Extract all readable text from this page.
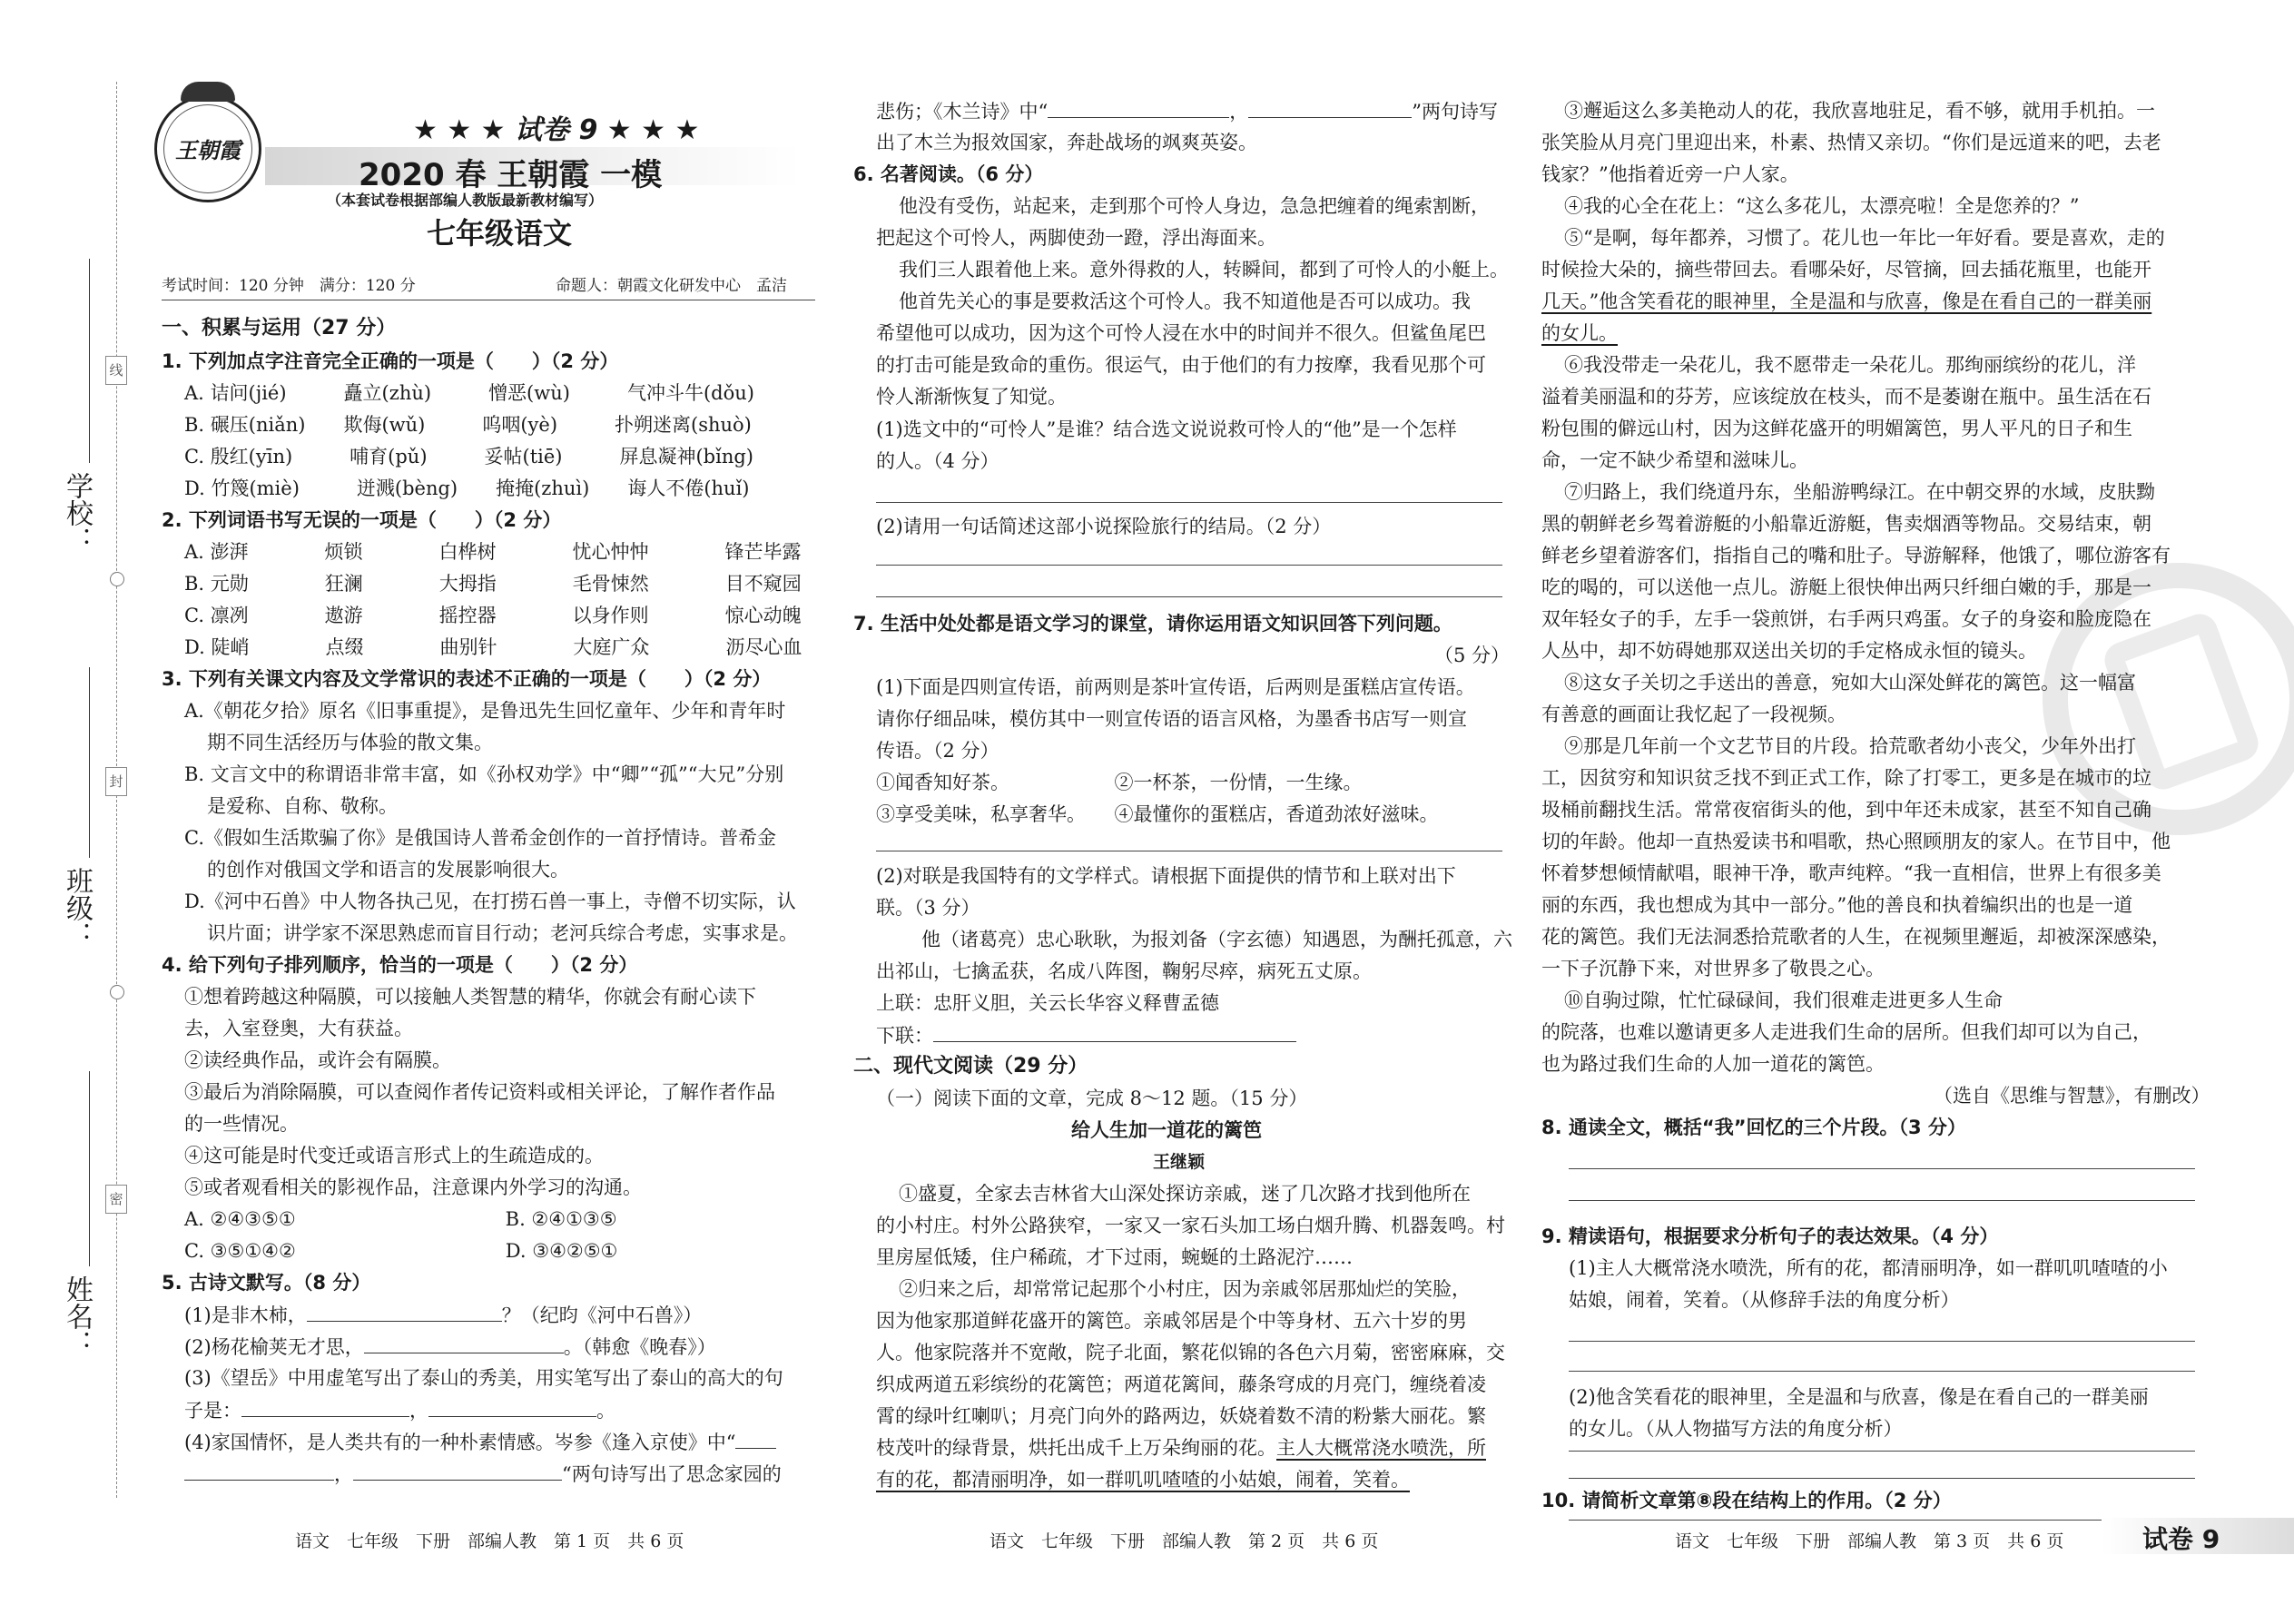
学校：
班级：
姓名：
线
封
密
王朝霞
★ ★ ★ 试卷 9 ★ ★ ★
2020 春 王朝霞 一模
（本套试卷根据部编人教版最新教材编写）
七年级语文
考试时间：120 分钟　满分：120 分	命题人：朝霞文化研发中心　孟洁
一、积累与运用（27 分）
1. 下列加点字注音完全正确的一项是（　　）（2 分）
A. 诘问(jié)　　　矗立(zhù)　　　憎恶(wù)　　　气冲斗牛(dǒu)
B. 碾压(niǎn)　　欺侮(wǔ)　　　呜咽(yè)　　　扑朔迷离(shuò)
C. 殷红(yīn)　　　哺育(pǔ)　　　妥帖(tiē)　　　屏息凝神(bǐng)
D. 竹篾(miè)　　　迸溅(bèng)　　掩掩(zhuì)　　诲人不倦(huǐ)
2. 下列词语书写无误的一项是（　　）（2 分）
A. 澎湃　　　　烦锁　　　　白桦树　　　　忧心忡忡　　　　锋芒毕露
B. 元勋　　　　狂澜　　　　大拇指　　　　毛骨悚然　　　　目不窥园
C. 凛冽　　　　遨游　　　　摇控器　　　　以身作则　　　　惊心动魄
D. 陡峭　　　　点缀　　　　曲别针　　　　大庭广众　　　　沥尽心血
3. 下列有关课文内容及文学常识的表述不正确的一项是（　　）（2 分）
A.《朝花夕拾》原名《旧事重提》，是鲁迅先生回忆童年、少年和青年时
期不同生活经历与体验的散文集。
B. 文言文中的称谓语非常丰富，如《孙权劝学》中“卿”“孤”“大兄”分别
是爱称、自称、敬称。
C.《假如生活欺骗了你》是俄国诗人普希金创作的一首抒情诗。普希金
的创作对俄国文学和语言的发展影响很大。
D.《河中石兽》中人物各执己见，在打捞石兽一事上，寺僧不切实际，认
识片面；讲学家不深思熟虑而盲目行动；老河兵综合考虑，实事求是。
4. 给下列句子排列顺序，恰当的一项是（　　）（2 分）
①想着跨越这种隔膜，可以接触人类智慧的精华，你就会有耐心读下
去，入室登奥，大有获益。
②读经典作品，或许会有隔膜。
③最后为消除隔膜，可以查阅作者传记资料或相关评论，了解作者作品
的一些情况。
④这可能是时代变迁或语言形式上的生疏造成的。
⑤或者观看相关的影视作品，注意课内外学习的沟通。
A. ②④③⑤①　　　　　　　　　　　B. ②④①③⑤
C. ③⑤①④②　　　　　　　　　　　D. ③④②⑤①
5. 古诗文默写。（8 分）
(1)是非木柿，	？（纪昀《河中石兽》）
(2)杨花榆荚无才思，	。（韩愈《晚春》）
(3)《望岳》中用虚笔写出了泰山的秀美，用实笔写出了泰山的高大的句
子是：	，	。
(4)家国情怀，是人类共有的一种朴素情感。岑参《逢入京使》中“
，	“两句诗写出了思念家园的
悲伤；《木兰诗》中“	，	”两句诗写
出了木兰为报效国家，奔赴战场的飒爽英姿。
6. 名著阅读。（6 分）
他没有受伤，站起来，走到那个可怜人身边，急急把缠着的绳索割断，
把起这个可怜人，两脚使劲一蹬，浮出海面来。
我们三人跟着他上来。意外得救的人，转瞬间，都到了可怜人的小艇上。
他首先关心的事是要救活这个可怜人。我不知道他是否可以成功。我
希望他可以成功，因为这个可怜人浸在水中的时间并不很久。但鲨鱼尾巴
的打击可能是致命的重伤。很运气，由于他们的有力按摩，我看见那个可
怜人渐渐恢复了知觉。
(1)选文中的“可怜人”是谁？结合选文说说救可怜人的“他”是一个怎样
的人。（4 分）
(2)请用一句话简述这部小说探险旅行的结局。（2 分）
7. 生活中处处都是语文学习的课堂，请你运用语文知识回答下列问题。
（5 分）
(1)下面是四则宣传语，前两则是茶叶宣传语，后两则是蛋糕店宣传语。
请你仔细品味，模仿其中一则宣传语的语言风格，为墨香书店写一则宣
传语。（2 分）
①闻香知好茶。　　　　　　②一杯茶，一份情，一生缘。
③享受美味，私享奢华。　　④最懂你的蛋糕店，香道劲浓好滋味。
(2)对联是我国特有的文学样式。请根据下面提供的情节和上联对出下
联。（3 分）
他（诸葛亮）忠心耿耿，为报刘备（字玄德）知遇恩，为酬托孤意，六
出祁山，七擒孟获，名成八阵图，鞠躬尽瘁，病死五丈原。
上联：忠肝义胆，关云长华容义释曹孟德
下联：
二、现代文阅读（29 分）
（一）阅读下面的文章，完成 8～12 题。（15 分）
给人生加一道花的篱笆
王继颖
①盛夏，全家去吉林省大山深处探访亲戚，迷了几次路才找到他所在
的小村庄。村外公路狭窄，一家又一家石头加工场白烟升腾、机器轰鸣。村
里房屋低矮，住户稀疏，才下过雨，蜿蜒的土路泥泞……
②归来之后，却常常记起那个小村庄，因为亲戚邻居那灿烂的笑脸，
因为他家那道鲜花盛开的篱笆。亲戚邻居是个中等身材、五六十岁的男
人。他家院落并不宽敞，院子北面，繁花似锦的各色六月菊，密密麻麻，交
织成两道五彩缤纷的花篱笆；两道花篱间，藤条穹成的月亮门，缠绕着凌
霄的绿叶红喇叭；月亮门向外的路两边，妖娆着数不清的粉紫大丽花。繁
枝茂叶的绿背景，烘托出成千上万朵绚丽的花。主人大概常浇水喷洗，所
有的花，都清丽明净，如一群叽叽喳喳的小姑娘，闹着，笑着。
③邂逅这么多美艳动人的花，我欣喜地驻足，看不够，就用手机拍。一
张笑脸从月亮门里迎出来，朴素、热情又亲切。“你们是远道来的吧，去老
钱家？”他指着近旁一户人家。
④我的心全在花上：“这么多花儿，太漂亮啦！全是您养的？”
⑤“是啊，每年都养，习惯了。花儿也一年比一年好看。要是喜欢，走的
时候捡大朵的，摘些带回去。看哪朵好，尽管摘，回去插花瓶里，也能开
几天。”他含笑看花的眼神里，全是温和与欣喜，像是在看自己的一群美丽
的女儿。
⑥我没带走一朵花儿，我不愿带走一朵花儿。那绚丽缤纷的花儿，洋
溢着美丽温和的芬芳，应该绽放在枝头，而不是萎谢在瓶中。虽生活在石
粉包围的僻远山村，因为这鲜花盛开的明媚篱笆，男人平凡的日子和生
命，一定不缺少希望和滋味儿。
⑦归路上，我们绕道丹东，坐船游鸭绿江。在中朝交界的水域，皮肤黝
黑的朝鲜老乡驾着游艇的小船靠近游艇，售卖烟酒等物品。交易结束，朝
鲜老乡望着游客们，指指自己的嘴和肚子。导游解释，他饿了，哪位游客有
吃的喝的，可以送他一点儿。游艇上很快伸出两只纤细白嫩的手，那是一
双年轻女子的手，左手一袋煎饼，右手两只鸡蛋。女子的身姿和脸庞隐在
人丛中，却不妨碍她那双送出关切的手定格成永恒的镜头。
⑧这女子关切之手送出的善意，宛如大山深处鲜花的篱笆。这一幅富
有善意的画面让我忆起了一段视频。
⑨那是几年前一个文艺节目的片段。拾荒歌者幼小丧父，少年外出打
工，因贫穷和知识贫乏找不到正式工作，除了打零工，更多是在城市的垃
圾桶前翻找生活。常常夜宿街头的他，到中年还未成家，甚至不知自己确
切的年龄。他却一直热爱读书和唱歌，热心照顾朋友的家人。在节目中，他
怀着梦想倾情献唱，眼神干净，歌声纯粹。“我一直相信，世界上有很多美
丽的东西，我也想成为其中一部分。”他的善良和执着编织出的也是一道
花的篱笆。我们无法洞悉拾荒歌者的人生，在视频里邂逅，却被深深感染，
一下子沉静下来，对世界多了敬畏之心。
⑩自驹过隙，忙忙碌碌间，我们很难走进更多人生命
的院落，也难以邀请更多人走进我们生命的居所。但我们却可以为自己，
也为路过我们生命的人加一道花的篱笆。
（选自《思维与智慧》，有删改）
8. 通读全文，概括“我”回忆的三个片段。（3 分）
9. 精读语句，根据要求分析句子的表达效果。（4 分）
(1)主人大概常浇水喷洗，所有的花，都清丽明净，如一群叽叽喳喳的小
姑娘，闹着，笑着。（从修辞手法的角度分析）
(2)他含笑看花的眼神里，全是温和与欣喜，像是在看自己的一群美丽
的女儿。（从人物描写方法的角度分析）
10. 请简析文章第⑧段在结构上的作用。（2 分）
语文　七年级　下册　部编人教　第 1 页　共 6 页	语文　七年级　下册　部编人教　第 2 页　共 6 页	语文　七年级　下册　部编人教　第 3 页　共 6 页	试卷 9
